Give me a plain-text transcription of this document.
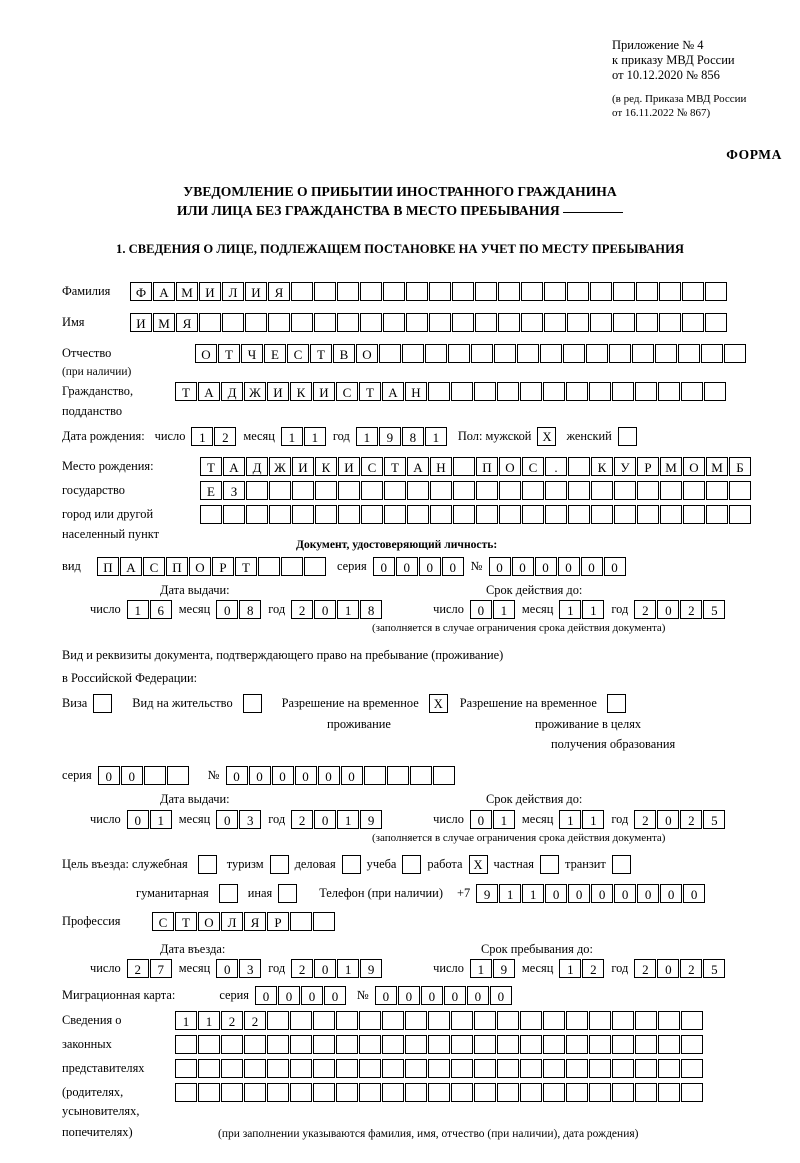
Приложение № 4
к приказу МВД России
от 10.12.2020 № 856
(в ред. Приказа МВД России
от 16.11.2022 № 867)
ФОРМА
УВЕДОМЛЕНИЕ О ПРИБЫТИИ ИНОСТРАННОГО ГРАЖДАНИНА
ИЛИ ЛИЦА БЕЗ ГРАЖДАНСТВА В МЕСТО ПРЕБЫВАНИЯ
1. СВЕДЕНИЯ О ЛИЦЕ, ПОДЛЕЖАЩЕМ ПОСТАНОВКЕ НА УЧЕТ ПО МЕСТУ ПРЕБЫВАНИЯ
Фамилия	Ф	А М И	Л	И	Я
Имя	И М Я
Отчество	О	Т	Ч	Е	С	Т	В	О
(при наличии)
Гражданство,	Т	А	Д Ж И	К	И	С	Т	А	Н
подданство
Дата рождения: число	1	2	месяц	1	1	год	1	9	8	1	Пол: мужской Х	женский
Место рождения:	Т	А	Д Ж И	К	И	С	Т	А	Н	П	О	С	.	К	У	Р	М О М	Б
государство	Е	З
город или другой
населенный пункт
Документ, удостоверяющий личность:
вид	П	А	С	П	О	Р	Т	серия	0	0	0	0	№	0	0	0	0	0	0
Дата выдачи:	Срок действия до:
число	1	6	месяц	0	8	год	2	0	1	8	число	0	1	месяц	1	1	год	2	0	2	5
(заполняется в случае ограничения срока действия документа)
Вид и реквизиты документа, подтверждающего право на пребывание (проживание)
в Российской Федерации:
Виза	Вид на жительство	Разрешение на временное	Х	Разрешение на временное
проживание	проживание в целях
получения образования
серия	0	0	№	0	0	0	0	0	0
Дата выдачи:	Срок действия до:
число	0	1	месяц	0	3	год	2	0	1	9	число	0	1	месяц	1	1	год	2	0	2	5
(заполняется в случае ограничения срока действия документа)
Цель въезда: служебная	туризм	деловая	учеба	работа Х частная	транзит
гуманитарная	иная	Телефон (при наличии) +7	9	1	1	0	0	0	0	0	0	0
Профессия	С	Т	О	Л	Я	Р
Дата въезда:	Срок пребывания до:
число	2	7	месяц	0	3	год	2	0	1	9	число	1	9	месяц	1	2	год	2	0	2	5
Миграционная карта:	серия	0	0	0	0	№	0	0	0	0	0	0
Сведения о	1	1	2	2
законных
представителях
(родителях,
усыновителях,
попечителях)	(при заполнении указываются фамилия, имя, отчество (при наличии), дата рождения)
